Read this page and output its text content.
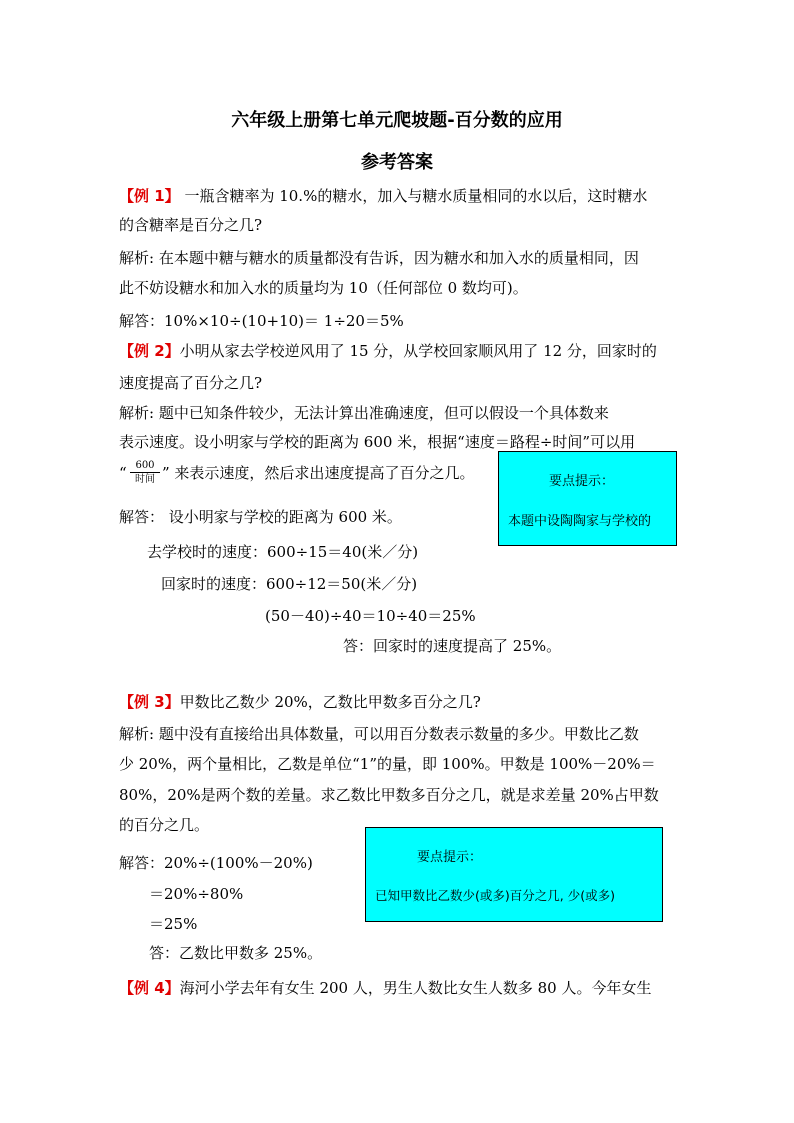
六年级上册第七单元爬坡题-百分数的应用
参考答案
【例 1】 一瓶含糖率为 10.%的糖水，加入与糖水质量相同的水以后，这时糖水
的含糖率是百分之几?
解析: 在本题中糖与糖水的质量都没有告诉，因为糖水和加入水的质量相同，因
此不妨设糖水和加入水的质量均为 10（任何部位 0 数均可)。
解答：10%×10÷(10+10)＝ 1÷20＝5%
【例 2】小明从家去学校逆风用了 15 分，从学校回家顺风用了 12 分，回家时的
速度提高了百分之几?
解析: 题中已知条件较少，无法计算出准确速度，但可以假设一个具体数来
表示速度。设小明家与学校的距离为 600 米，根据“速度＝路程÷时间”可以用
“ 600
时间 ” 来表示速度，然后求出速度提高了百分之几。
解答： 设小明家与学校的距离为 600 米。
去学校时的速度：600÷15＝40(米／分)
回家时的速度：600÷12＝50(米／分)
(50－40)÷40＝10÷40＝25%
答：回家时的速度提高了 25%。
要点提示：
本题中设陶陶家与学校的
【例 3】甲数比乙数少 20%，乙数比甲数多百分之几?
解析: 题中没有直接给出具体数量，可以用百分数表示数量的多少。甲数比乙数
少 20%，两个量相比，乙数是单位“1”的量，即 100%。甲数是 100%－20%＝
80%，20%是两个数的差量。求乙数比甲数多百分之几，就是求差量 20%占甲数
的百分之几。
解答：20%÷(100%－20%)
＝20%÷80%
＝25%
答：乙数比甲数多 25%。
要点提示：
已知甲数比乙数少(或多)百分之几, 少(或多)
【例 4】海河小学去年有女生 200 人，男生人数比女生人数多 80 人。今年女生
